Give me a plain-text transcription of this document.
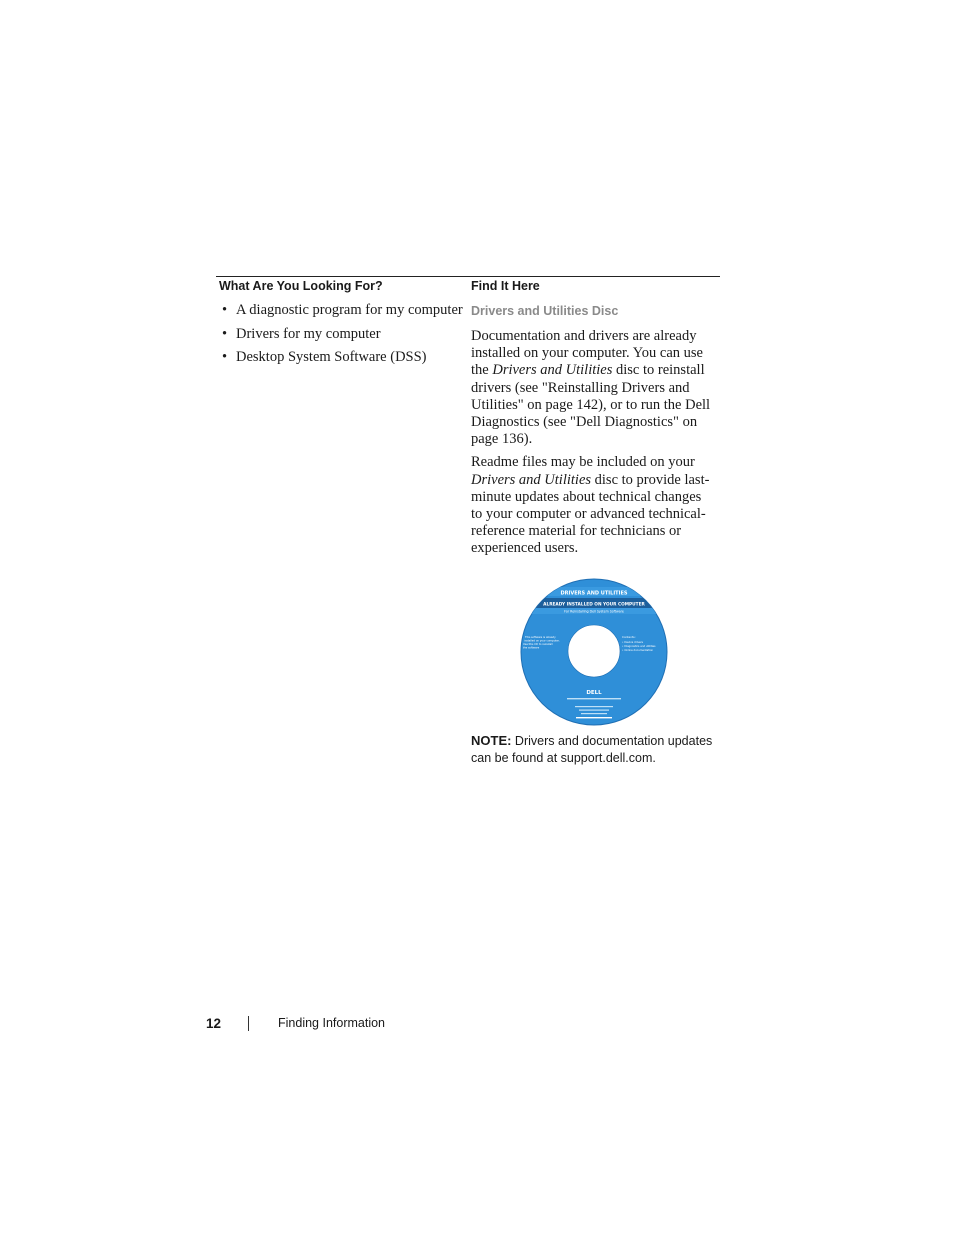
What Are You Looking For?	Find It Here
• A diagnostic program for my computer
• Drivers for my computer
• Desktop System Software (DSS)
Drivers and Utilities Disc

Documentation and drivers are already
installed on your computer. You can use
the Drivers and Utilities disc to reinstall
drivers (see "Reinstalling Drivers and
Utilities" on page 142), or to run the Dell
Diagnostics (see "Dell Diagnostics" on
page 136).

Readme files may be included on your
Drivers and Utilities disc to provide last-
minute updates about technical changes
to your computer or advanced technical-
reference material for technicians or
experienced users.

DRIVERS AND UTILITIES
ALREADY INSTALLED ON YOUR COMPUTER
For Reinstalling Dell System Software
This software is already
installed on your computer.
Use this CD to reinstall
the software
Contents:
• Device drivers
• Diagnostics and utilities
• Online documentation
DELL
NOTE: Drivers and documentation updates
can be found at support.dell.com.
12	Finding Information
